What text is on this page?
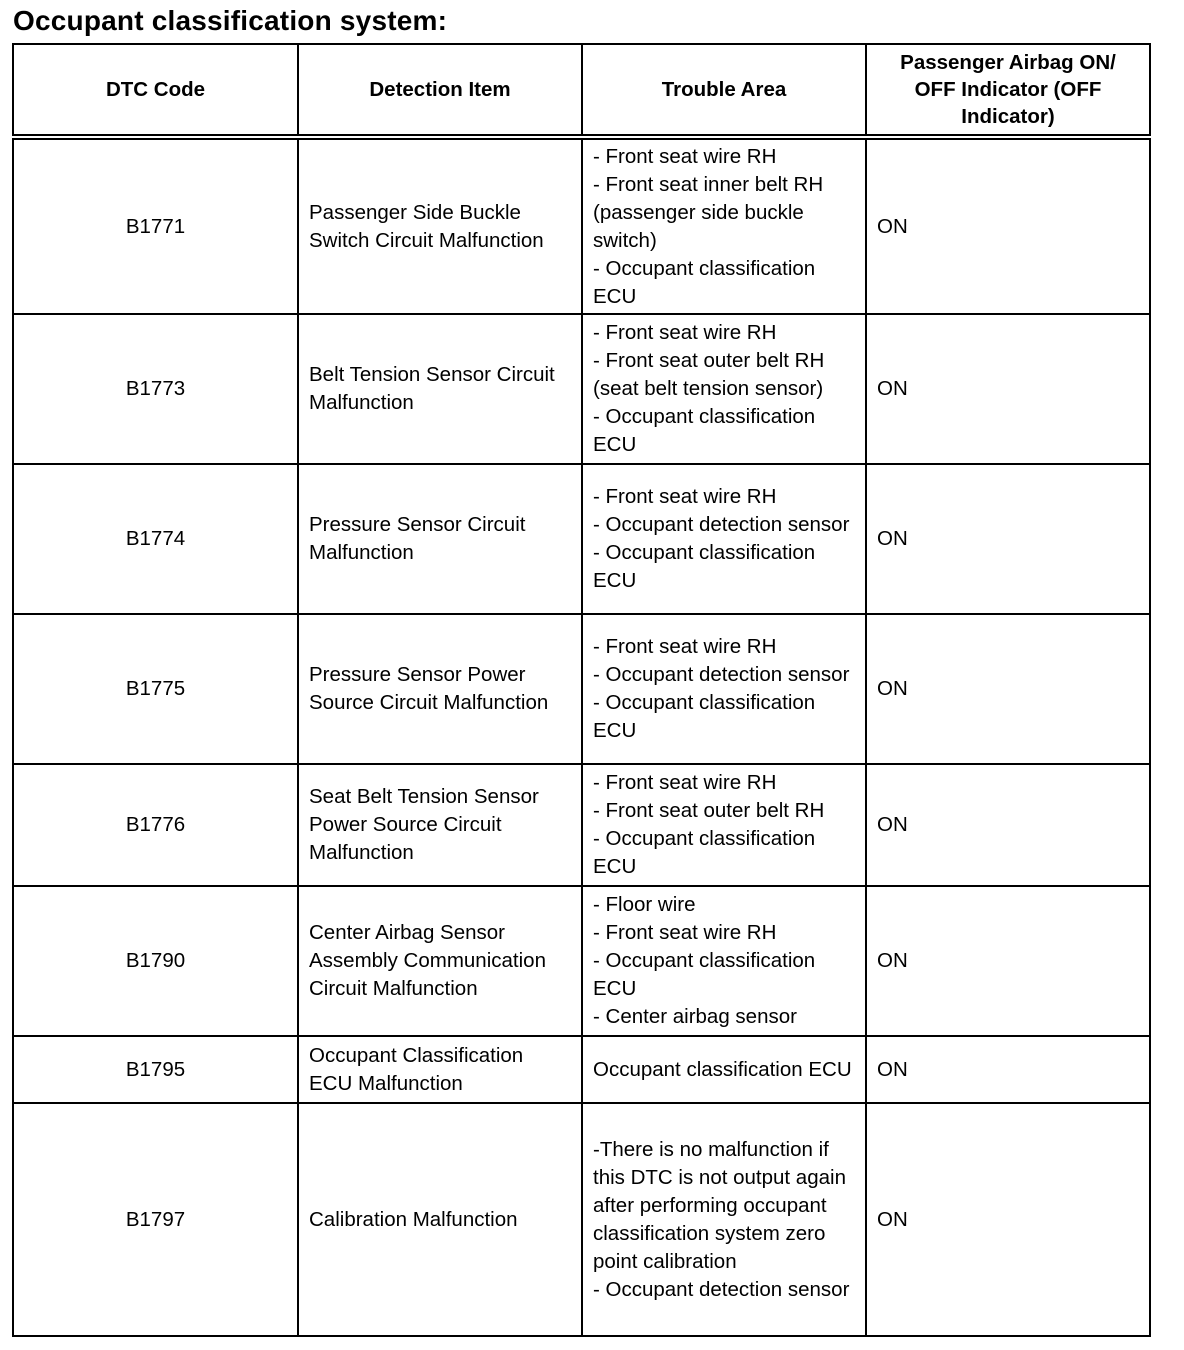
Occupant classification system:
DTC Code	Detection Item	Trouble Area	Passenger Airbag ON/ OFF Indicator (OFF Indicator)
B1771	Passenger Side Buckle Switch Circuit Malfunction	- Front seat wire RH
- Front seat inner belt RH (passenger side buckle switch)
- Occupant classification ECU	ON
B1773	Belt Tension Sensor Circuit Malfunction	- Front seat wire RH
- Front seat outer belt RH (seat belt tension sensor)
- Occupant classification ECU	ON
B1774	Pressure Sensor Circuit Malfunction	- Front seat wire RH
- Occupant detection sensor
- Occupant classification ECU	ON
B1775	Pressure Sensor Power Source Circuit Malfunction	- Front seat wire RH
- Occupant detection sensor
- Occupant classification ECU	ON
B1776	Seat Belt Tension Sensor Power Source Circuit Malfunction	- Front seat wire RH
- Front seat outer belt RH
- Occupant classification ECU	ON
B1790	Center Airbag Sensor Assembly Communication Circuit Malfunction	- Floor wire
- Front seat wire RH
- Occupant classification ECU
- Center airbag sensor	ON
B1795	Occupant Classification ECU Malfunction	Occupant classification ECU	ON
B1797	Calibration Malfunction	-There is no malfunction if this DTC is not output again after performing occupant classification system zero point calibration
- Occupant detection sensor	ON
